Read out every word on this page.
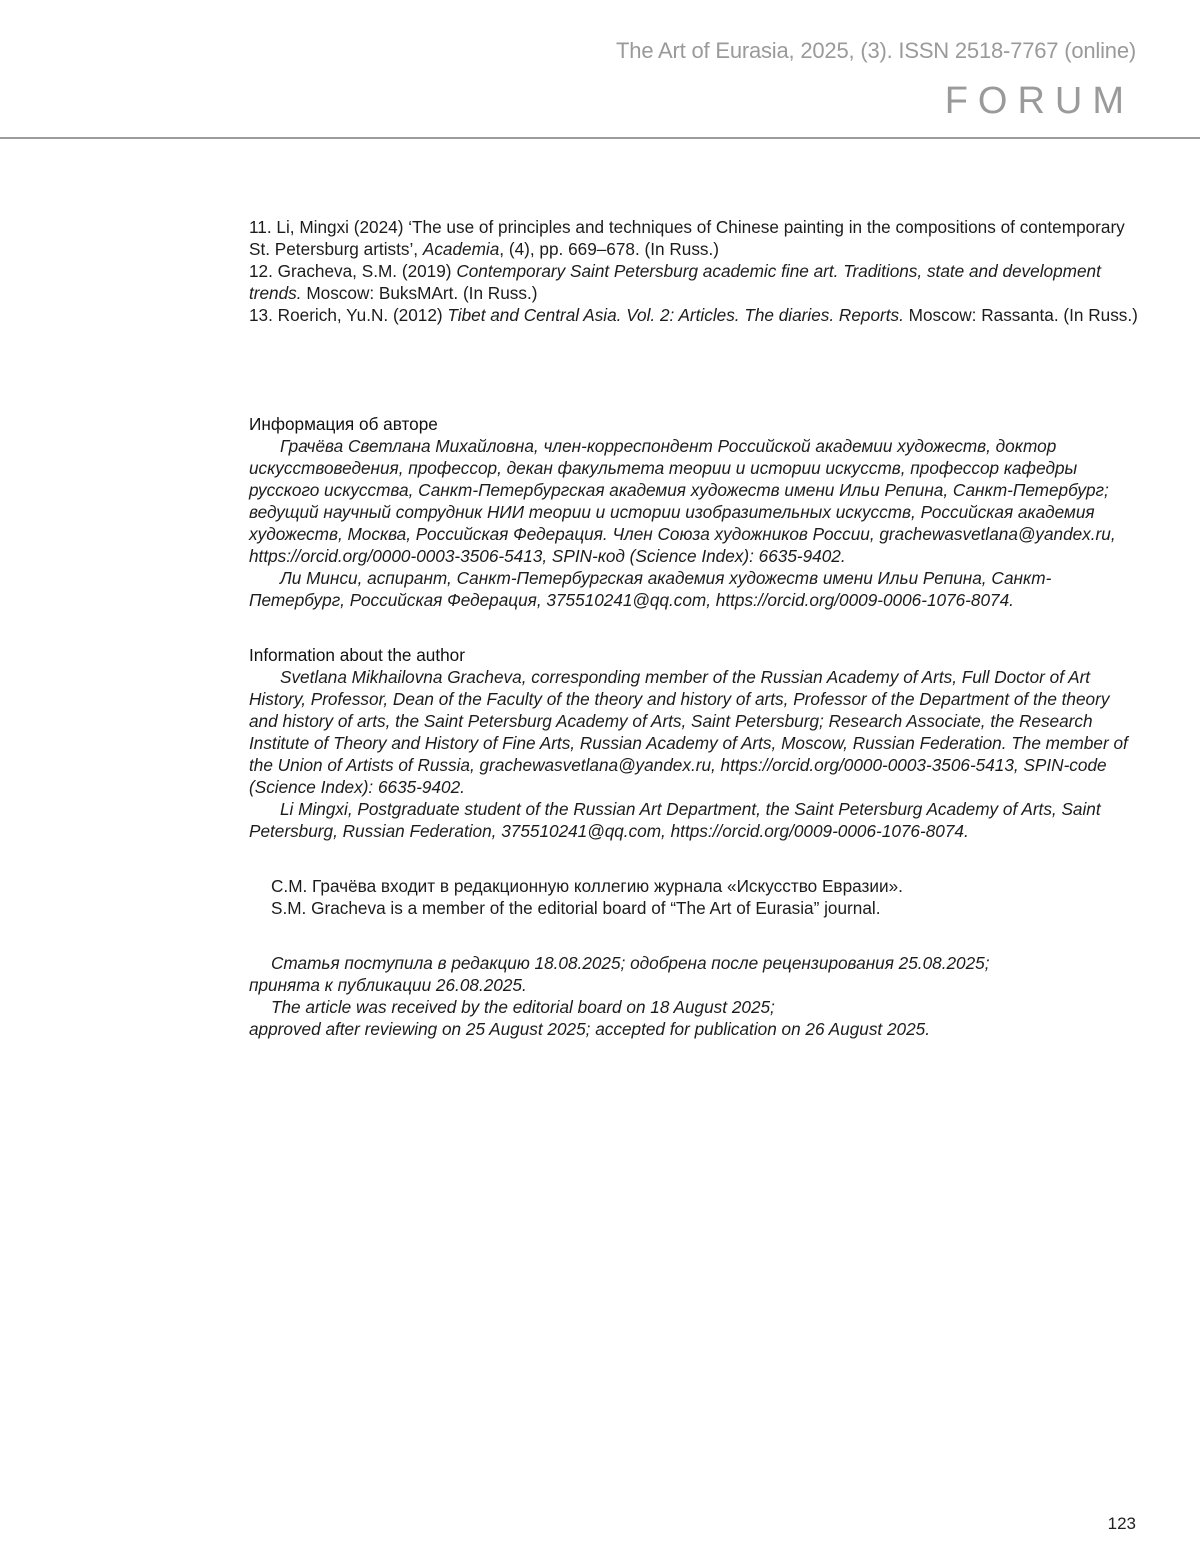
The Art of Eurasia, 2025, (3). ISSN 2518-7767 (online)
FORUM

11. Li, Mingxi (2024) ‘The use of principles and techniques of Chinese painting in the compositions of contemporary St. Petersburg artists’, Academia, (4), pp. 669–678. (In Russ.)

12. Gracheva, S.M. (2019) Contemporary Saint Petersburg academic fine art. Traditions, state and development trends. Moscow: BuksMArt. (In Russ.)

13. Roerich, Yu.N. (2012) Tibet and Central Asia. Vol. 2: Articles. The diaries. Reports. Moscow: Rassanta. (In Russ.)

Информация об авторе

Грачёва Светлана Михайловна, член-корреспондент Российской академии художеств, доктор искусствоведения, профессор, декан факультета теории и истории искусств, профессор кафедры русского искусства, Санкт-Петербургская академия художеств имени Ильи Репина, Санкт-Петербург; ведущий научный сотрудник НИИ теории и истории изобразительных искусств, Российская академия художеств, Москва, Российская Федерация. Член Союза художников России, grachewasvetlana@yandex.ru, https://orcid.org/0000-0003-3506-5413, SPIN-код (Science Index): 6635-9402.

Ли Минси, аспирант, Санкт-Петербургская академия художеств имени Ильи Репина, Санкт-Петербург, Российская Федерация, 375510241@qq.com, https://orcid.org/0009-0006-1076-8074.

Information about the author

Svetlana Mikhailovna Gracheva, corresponding member of the Russian Academy of Arts, Full Doctor of Art History, Professor, Dean of the Faculty of the theory and history of arts, Professor of the Department of the theory and history of arts, the Saint Petersburg Academy of Arts, Saint Petersburg; Research Associate, the Research Institute of Theory and History of Fine Arts, Russian Academy of Arts, Moscow, Russian Federation. The member of the Union of Artists of Russia, grachewasvetlana@yandex.ru, https://orcid.org/0000-0003-3506-5413, SPIN-code (Science Index): 6635-9402.

Li Mingxi, Postgraduate student of the Russian Art Department, the Saint Petersburg Academy of Arts, Saint Petersburg, Russian Federation, 375510241@qq.com, https://orcid.org/0009-0006-1076-8074.

С.М. Грачёва входит в редакционную коллегию журнала «Искусство Евразии».

S.M. Gracheva is a member of the editorial board of “The Art of Eurasia” journal.

Статья поступила в редакцию 18.08.2025; одобрена после рецензирования 25.08.2025;

принята к публикации 26.08.2025.

The article was received by the editorial board on 18 August 2025;

approved after reviewing on 25 August 2025; accepted for publication on 26 August 2025.

123
